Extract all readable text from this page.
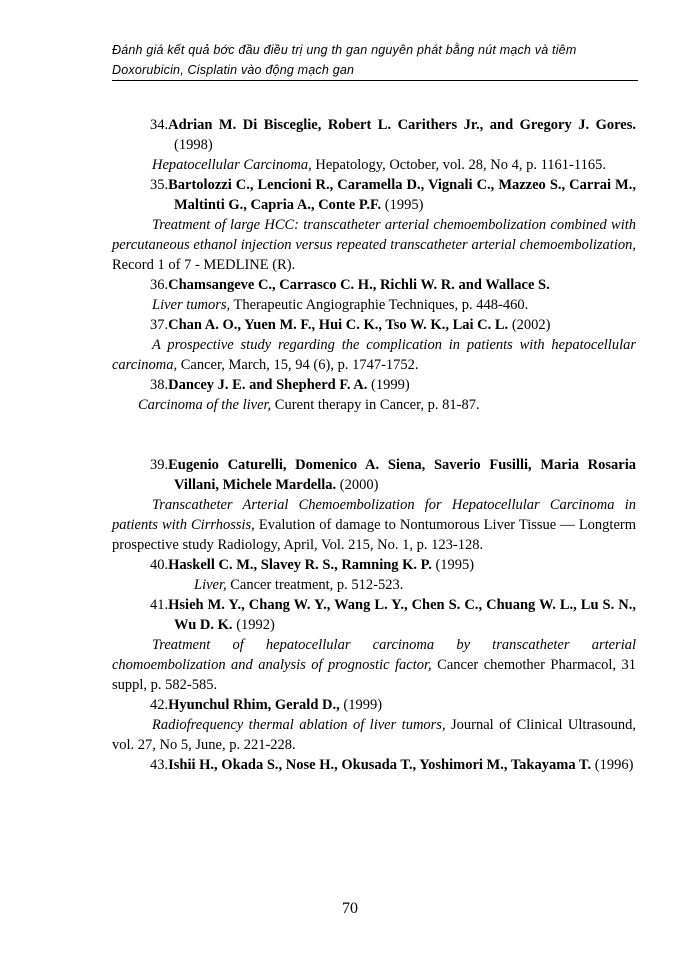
Đánh giá kết quả bớc đầu điều trị ung th gan nguyên phát bằng nút mạch và tiêm
Doxorubicin, Cisplatin vào động mạch gan
34.Adrian M. Di Bisceglie, Robert L. Carithers Jr., and Gregory J. Gores. (1998)
Hepatocellular Carcinoma, Hepatology, October, vol. 28, No 4, p. 1161-1165.
35.Bartolozzi C., Lencioni R., Caramella D., Vignali C., Mazzeo S., Carrai M., Maltinti G., Capria A., Conte P.F. (1995)
Treatment of large HCC: transcatheter arterial chemoembolization combined with percutaneous ethanol injection versus repeated transcatheter arterial chemoembolization, Record 1 of 7 - MEDLINE (R).
36.Chamsangeve C., Carrasco C. H., Richli W. R. and Wallace S.
Liver tumors, Therapeutic Angiographie Techniques, p. 448-460.
37.Chan A. O., Yuen M. F., Hui C. K., Tso W. K., Lai C. L. (2002)
A prospective study regarding the complication in patients with hepatocellular carcinoma, Cancer, March, 15, 94 (6), p. 1747-1752.
38.Dancey J. E. and Shepherd F. A. (1999)
Carcinoma of the liver, Curent therapy in Cancer, p. 81-87.
39.Eugenio Caturelli, Domenico A. Siena, Saverio Fusilli, Maria Rosaria Villani, Michele Mardella. (2000)
Transcatheter Arterial Chemoembolization for Hepatocellular Carcinoma in patients with Cirrhossis, Evalution of damage to Nontumorous Liver Tissue — Longterm prospective study Radiology, April, Vol. 215, No. 1, p. 123-128.
40.Haskell C. M., Slavey R. S., Ramning K. P. (1995)
Liver, Cancer treatment, p. 512-523.
41.Hsieh M. Y., Chang W. Y., Wang L. Y., Chen S. C., Chuang W. L., Lu S. N., Wu D. K. (1992)
Treatment of hepatocellular carcinoma by transcatheter arterial chomoembolization and analysis of prognostic factor, Cancer chemother Pharmacol, 31 suppl, p. 582-585.
42.Hyunchul Rhim, Gerald D., (1999)
Radiofrequency thermal ablation of liver tumors, Journal of Clinical Ultrasound, vol. 27, No 5, June, p. 221-228.
43.Ishii H., Okada S., Nose H., Okusada T., Yoshimori M., Takayama T. (1996)
70
